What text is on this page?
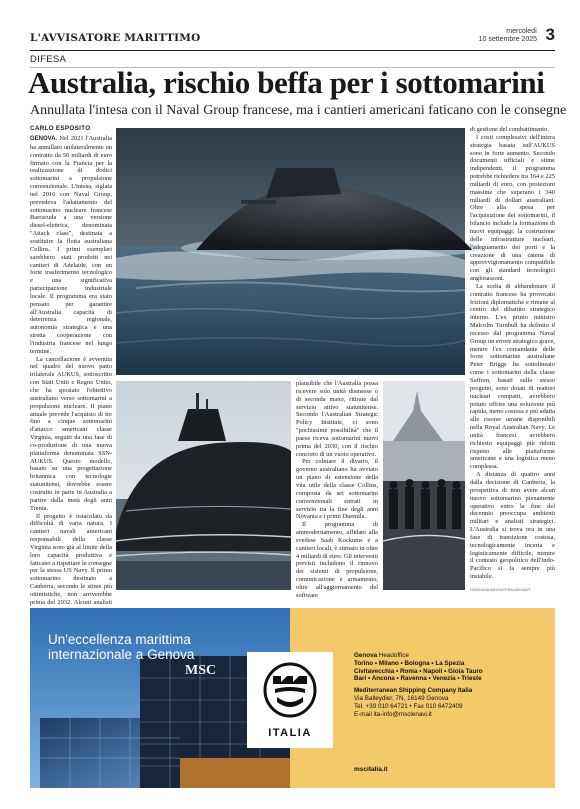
L'AVVISATORE MARITTIMO
mercoledì
10 settembre 2025 3
DIFESA
Australia, rischio beffa per i sottomarini
Annullata l'intesa con il Naval Group francese, ma i cantieri americani faticano con le consegne
CARLO ESPOSITO

GENOVA. Nel 2021 l'Australia ha annullato unilateralmente un contratto da 56 miliardi di euro firmato con la Francia per la realizzazione di dodici sottomarini a propulsione convenzionale. L'intesa, siglata nel 2016 con Naval Group, prevedeva l'adattamento del sottomarino nucleare francese Barracuda a una versione diesel-elettrica, denominata "Attack class", destinata a sostituire la flotta australiana Collins. I primi esemplari sarebbero stati prodotti nei cantieri di Adelaide, con un forte trasferimento tecnologico e una significativa partecipazione industriale locale. Il programma era stato pensato per garantire all'Australia capacità di deterrenza regionale, autonomia strategica e una stretta cooperazione con l'industria francese nel lungo termine.

La cancellazione è avvenuta nel quadro del nuovo patto trilaterale AUKUS, sottoscritto con Stati Uniti e Regno Unito, che ha spostato l'obiettivo australiano verso sottomarini a propulsione nucleare. Il piano attuale prevede l'acquisto di tre fino a cinque sottomarini d'attacco americani classe Virginia, seguiti da una fase di co-produzione di una nuova piattaforma denominata SSN-AUKUS. Questo modello, basato su una progettazione britannica con tecnologie statunitensi, dovrebbe essere costruito in parte in Australia a partire dalla metà degli anni Trenta.

Il progetto è ostacolato da difficoltà di varia natura. I cantieri navali americani responsabili della classe Virginia sono già al limite della loro capacità produttiva e faticano a rispettare le consegne per la stessa US Navy. Il primo sottomarino destinato a Canberra, secondo le stime più ottimistiche, non arriverebbe prima del 2032. Alcuni analisti

plausibile che l'Australia possa ricevere solo unità dismesse o di seconda mano, ritirate dal servizio attivo statunitense. Secondo l'Australian Strategic Policy Institute, ci sono "pochissime possibilità" che il paese riceva sottomarini nuovi prima del 2030, con il rischio concreto di un vuoto operativo.

Per colmare il divario, il governo australiano ha avviato un piano di estensione della vita utile della classe Collins, composta da sei sottomarini convenzionali entrati in servizio tra la fine degli anni Novanta e i primi Duemila.

Il programma di ammodernamento, affidato alla svedese Saab Kockums e a cantieri locali, è stimato in oltre 4 miliardi di euro. Gli interventi previsti includono il rinnovo dei sistemi di propulsione, comunicazione e armamento, oltre all'aggiornamento del software

di gestione del combattimento.

I costi complessivi dell'intera strategia basata sull'AUKUS sono in forte aumento. Secondo documenti ufficiali e stime indipendenti, il programma potrebbe richiedere tra 164 e 225 miliardi di euro, con proiezioni massime che superano i 340 miliardi di dollari australiani. Oltre alla spesa per l'acquisizione dei sottomarini, il bilancio include la formazione di nuovi equipaggi, la costruzione delle infrastrutture nucleari, l'adeguamento dei porti e la creazione di una catena di approvvigionamento compatibile con gli standard tecnologici anglosassoni.

La scelta di abbandonare il contratto francese ha provocato frizioni diplomatiche e rimane al centro del dibattito strategico interno. L'ex primo ministro Malcolm Turnbull ha definito il recesso dal programma Naval Group un errore strategico grave, mentre l'ex comandante delle forze sottomarine australiane Peter Briggs ha sottolineato come i sottomarini della classe Suffren, basati sullo stesso progetto, sono dotati di reattori nucleari compatti, avrebbero potuto offrire una soluzione più rapida, meno costosa e più adatta alle risorse umane disponibili nella Royal Australian Navy. Le unità francesi avrebbero richiesto equipaggi più ridotti rispetto alle piattaforme americane e una logistica meno complessa.

A distanza di quattro anni dalla decisione di Canberra, la prospettiva di non avere alcun nuovo sottomarino pienamente operativo entro la fine del decennio preoccupa ambienti militari e analisti strategici. L'Australia si trova ora in una fase di transizione costosa, tecnologicamente incerta e logisticamente difficile, mentre il contesto geopolitico dell'Indo-Pacifico si fa sempre più instabile.

GENOVA/ALAMY/AUSTRALIAN NAVY
MSC
Un'eccellenza marittima internazionale a Genova	Genova Headoffice
Torino • Milano • Bologna • La Spezia
Civitavecchia • Roma • Napoli • Gioia Tauro
Bari • Ancona • Ravenna • Venezia • Trieste
Mediterranean Shipping Company Italia
Via Balleydier, 7N, 16149 Genova
Tel. +39 010 64721 • Fax 010 6472409
E-mail ita-info@msclenavi.it
mscitalia.it
ITALIA
